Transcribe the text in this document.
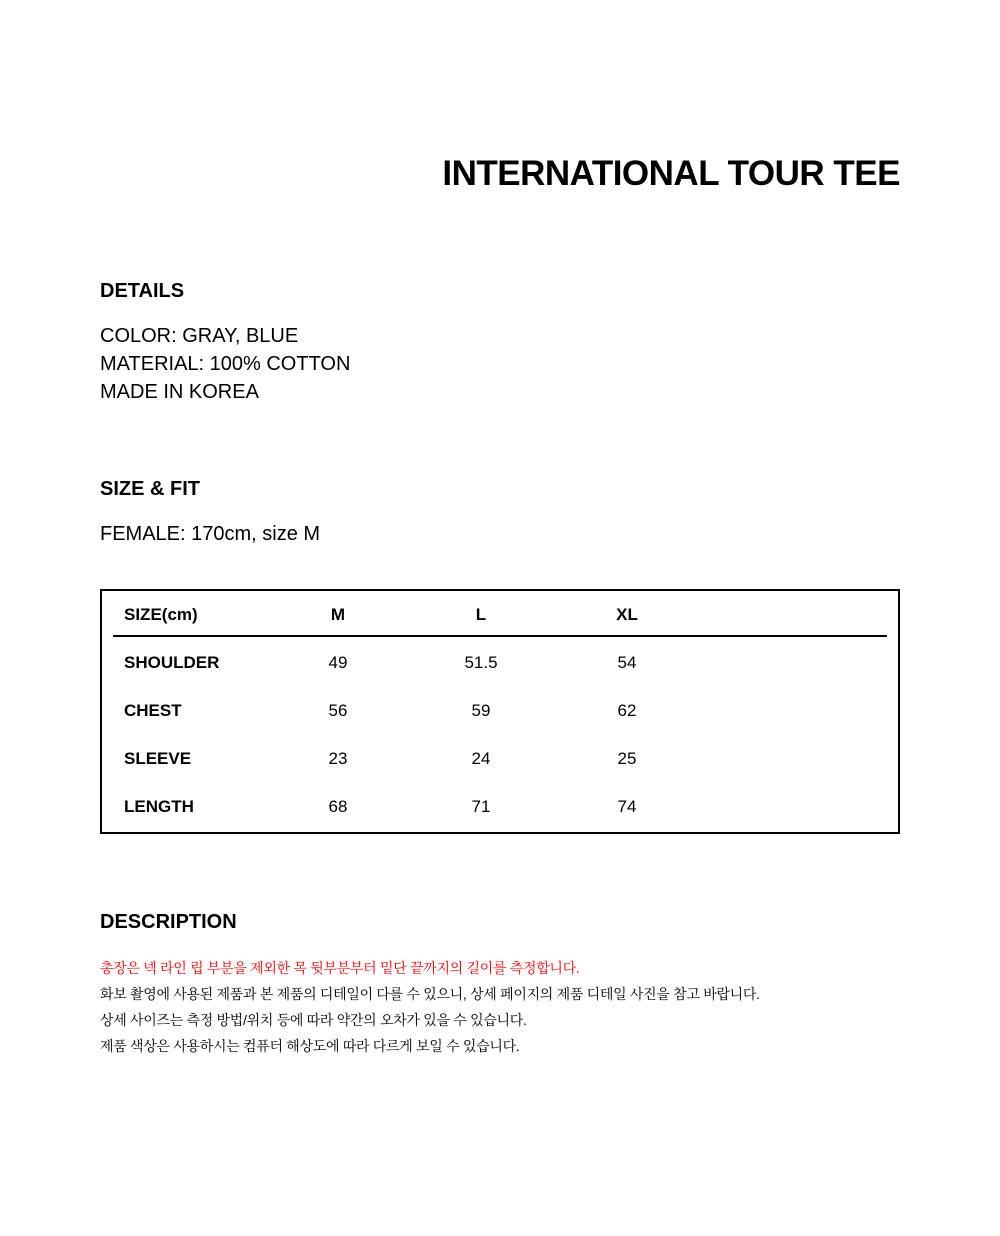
INTERNATIONAL TOUR TEE
DETAILS
COLOR: GRAY, BLUE
MATERIAL: 100% COTTON
MADE IN KOREA
SIZE & FIT
FEMALE: 170cm, size M
SIZE(cm)	M	L	XL
SHOULDER	49	51.5	54
CHEST	56	59	62
SLEEVE	23	24	25
LENGTH	68	71	74
DESCRIPTION
총장은 넥 라인 립 부분을 제외한 목 뒷부분부터 밑단 끝까지의 길이를 측정합니다.
화보 촬영에 사용된 제품과 본 제품의 디테일이 다를 수 있으니, 상세 페이지의 제품 디테일 사진을 참고 바랍니다.
상세 사이즈는 측정 방법/위치 등에 따라 약간의 오차가 있을 수 있습니다.
제품 색상은 사용하시는 컴퓨터 해상도에 따라 다르게 보일 수 있습니다.
